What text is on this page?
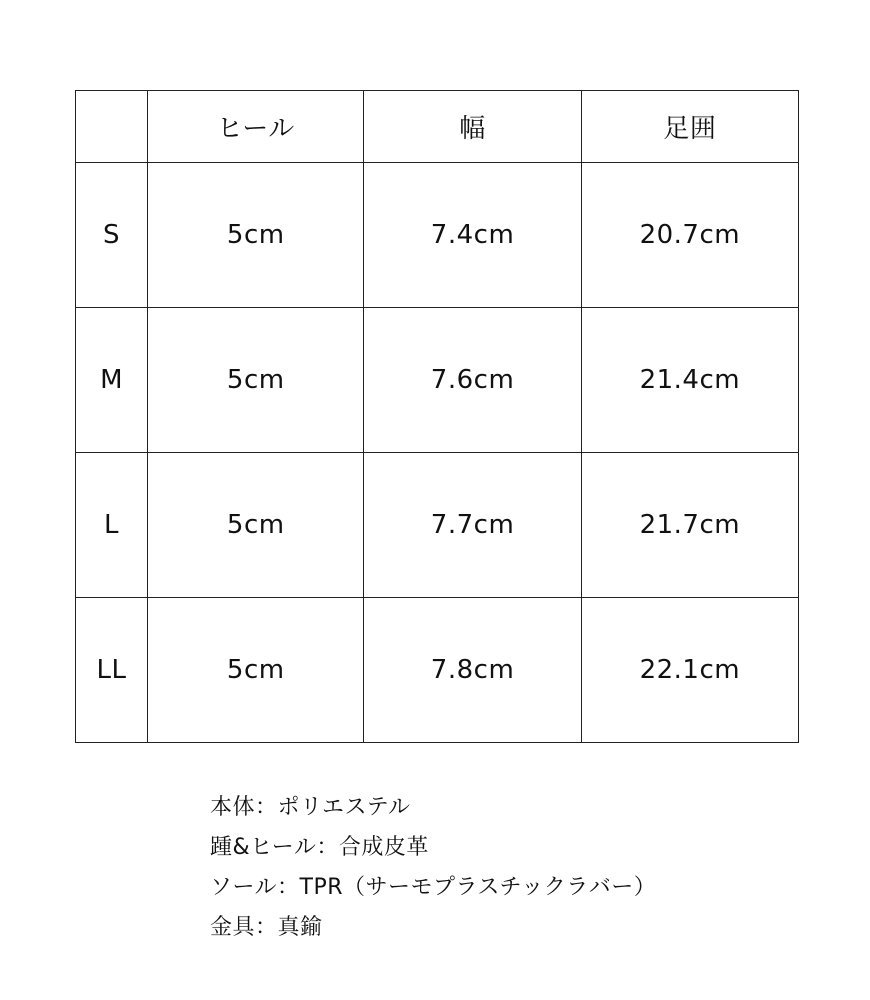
	ヒール	幅	足囲
S	5cm	7.4cm	20.7cm
M	5cm	7.6cm	21.4cm
L	5cm	7.7cm	21.7cm
LL	5cm	7.8cm	22.1cm
本体：ポリエステル
踵&ヒール：合成皮革
ソール：TPR（サーモプラスチックラバー）
金具：真鍮
